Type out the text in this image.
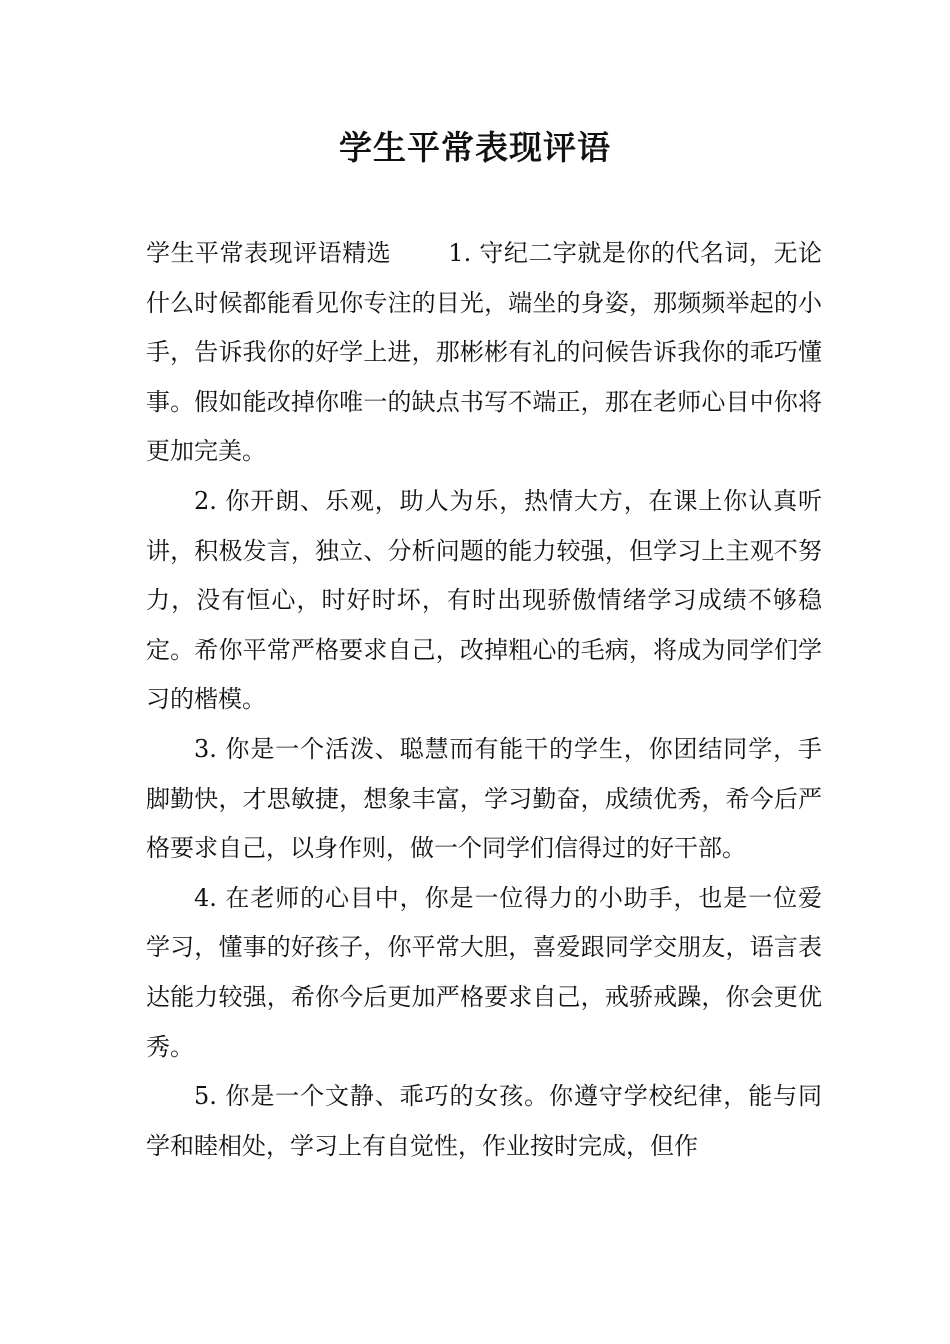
学生平常表现评语

学生平常表现评语精选 　　1. 守纪二字就是你的代名词，无论什么时候都能看见你专注的目光，端坐的身姿，那频频举起的小手，告诉我你的好学上进，那彬彬有礼的问候告诉我你的乖巧懂事。假如能改掉你唯一的缺点书写不端正，那在老师心目中你将更加完美。

2. 你开朗、乐观，助人为乐，热情大方，在课上你认真听讲，积极发言，独立、分析问题的能力较强，但学习上主观不努力，没有恒心，时好时坏，有时出现骄傲情绪学习成绩不够稳定。希你平常严格要求自己，改掉粗心的毛病，将成为同学们学习的楷模。

3. 你是一个活泼、聪慧而有能干的学生，你团结同学，手脚勤快，才思敏捷，想象丰富，学习勤奋，成绩优秀，希今后严格要求自己，以身作则，做一个同学们信得过的好干部。

4. 在老师的心目中，你是一位得力的小助手，也是一位爱学习，懂事的好孩子，你平常大胆，喜爱跟同学交朋友，语言表达能力较强，希你今后更加严格要求自己，戒骄戒躁，你会更优秀。

5. 你是一个文静、乖巧的女孩。你遵守学校纪律，能与同学和睦相处，学习上有自觉性，作业按时完成，但作
